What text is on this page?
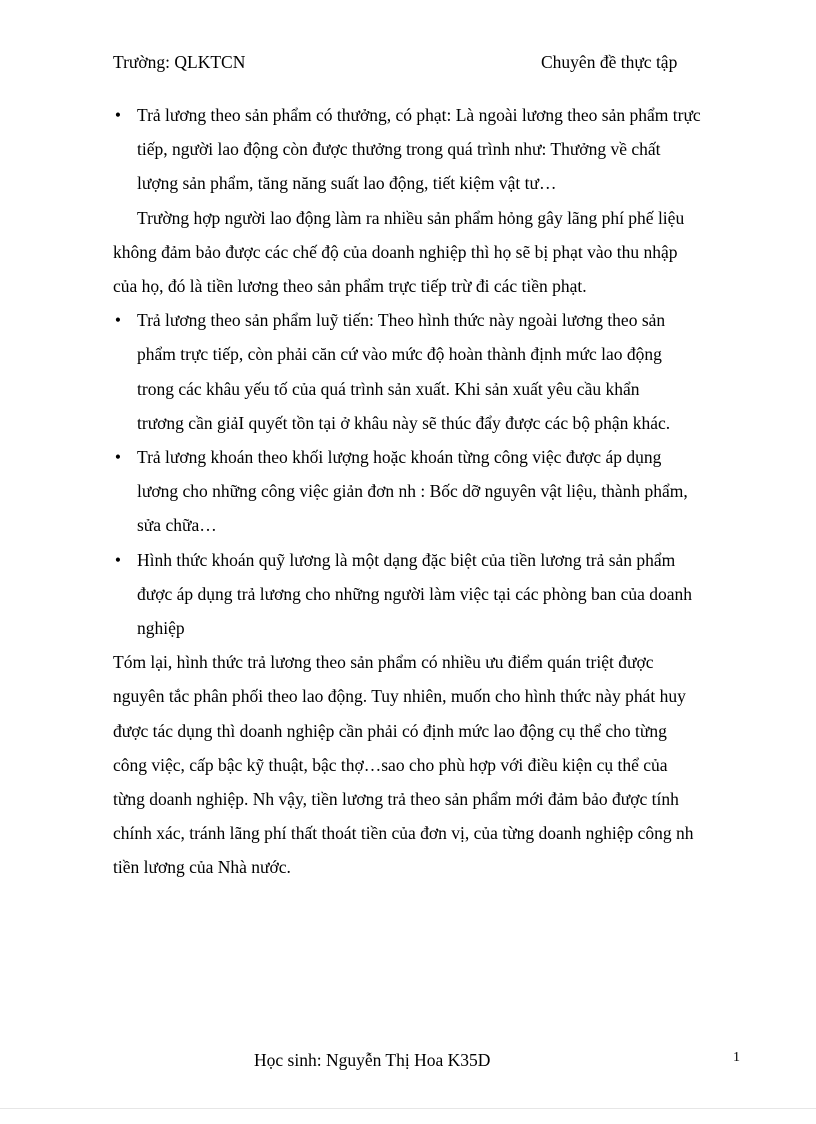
Trường: QLKTCN	Chuyên đề thực tập
• Trả lương theo sản phẩm có thưởng, có phạt: Là ngoài lương theo sản phẩm trực
tiếp, người lao động còn được thưởng trong quá trình như: Thưởng về chất
lượng sản phẩm, tăng năng suất lao động, tiết kiệm vật tư…
Trường hợp người lao động làm ra nhiều sản phẩm hỏng gây lãng phí phế liệu
không đảm bảo được các chế độ của doanh nghiệp thì họ sẽ bị phạt vào thu nhập
của họ, đó là tiền lương theo sản phẩm trực tiếp trừ đi các tiền phạt.
• Trả lương theo sản phẩm luỹ tiến: Theo hình thức này ngoài lương theo sản
phẩm trực tiếp, còn phải căn cứ vào mức độ hoàn thành định mức lao động
trong các khâu yếu tố của quá trình sản xuất. Khi sản xuất yêu cầu khẩn
trương cần giảI quyết tồn tại ở khâu này sẽ thúc đẩy được các bộ phận khác.
• Trả lương khoán theo khối lượng hoặc khoán từng công việc được áp dụng
lương cho những công việc giản đơn nh : Bốc dỡ nguyên vật liệu, thành phẩm,
sửa chữa…
• Hình thức khoán quỹ lương là một dạng đặc biệt của tiền lương trả sản phẩm
được áp dụng trả lương cho những người làm việc tại các phòng ban của doanh
nghiệp
Tóm lại, hình thức trả lương theo sản phẩm có nhiều ưu điểm quán triệt được
nguyên tắc phân phối theo lao động. Tuy nhiên, muốn cho hình thức này phát huy
được tác dụng thì doanh nghiệp cần phải có định mức lao động cụ thể cho từng
công việc, cấp bậc kỹ thuật, bậc thợ…sao cho phù hợp với điều kiện cụ thể của
từng doanh nghiệp. Nh vậy, tiền lương trả theo sản phẩm mới đảm bảo được tính
chính xác, tránh lãng phí thất thoát tiền của đơn vị, của từng doanh nghiệp công nh
tiền lương của Nhà nước.
Học sinh: Nguyễn Thị Hoa K35D	1
